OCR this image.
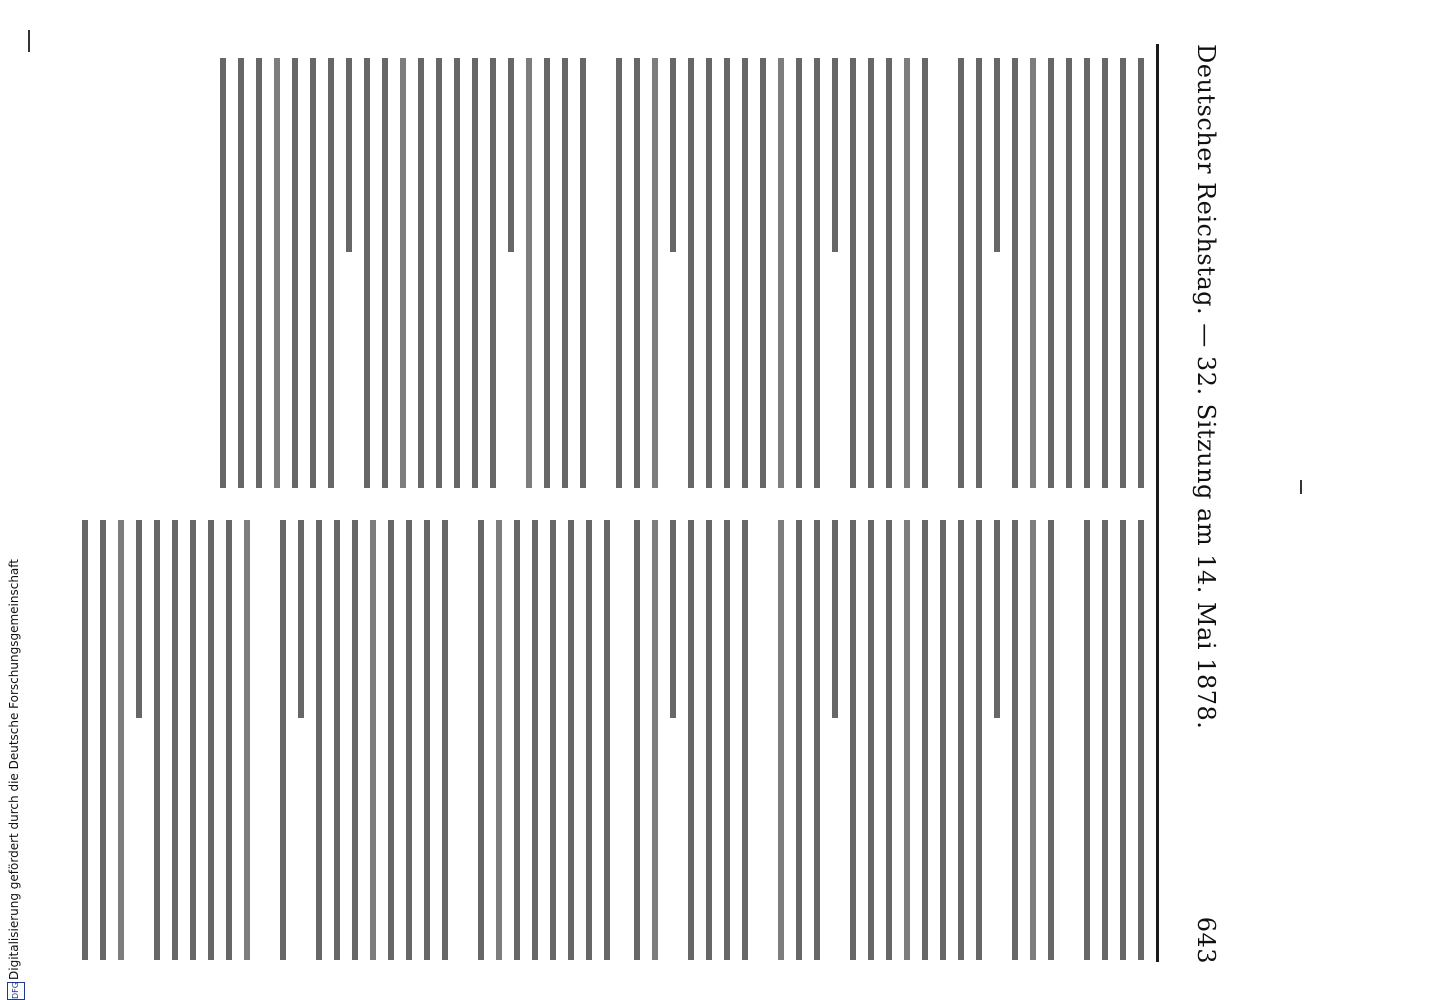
Deutscher Reichstag. — 32. Sitzung am 14. Mai 1878.
643
DFG
Digitalisierung gefördert durch die Deutsche Forschungsgemeinschaft
